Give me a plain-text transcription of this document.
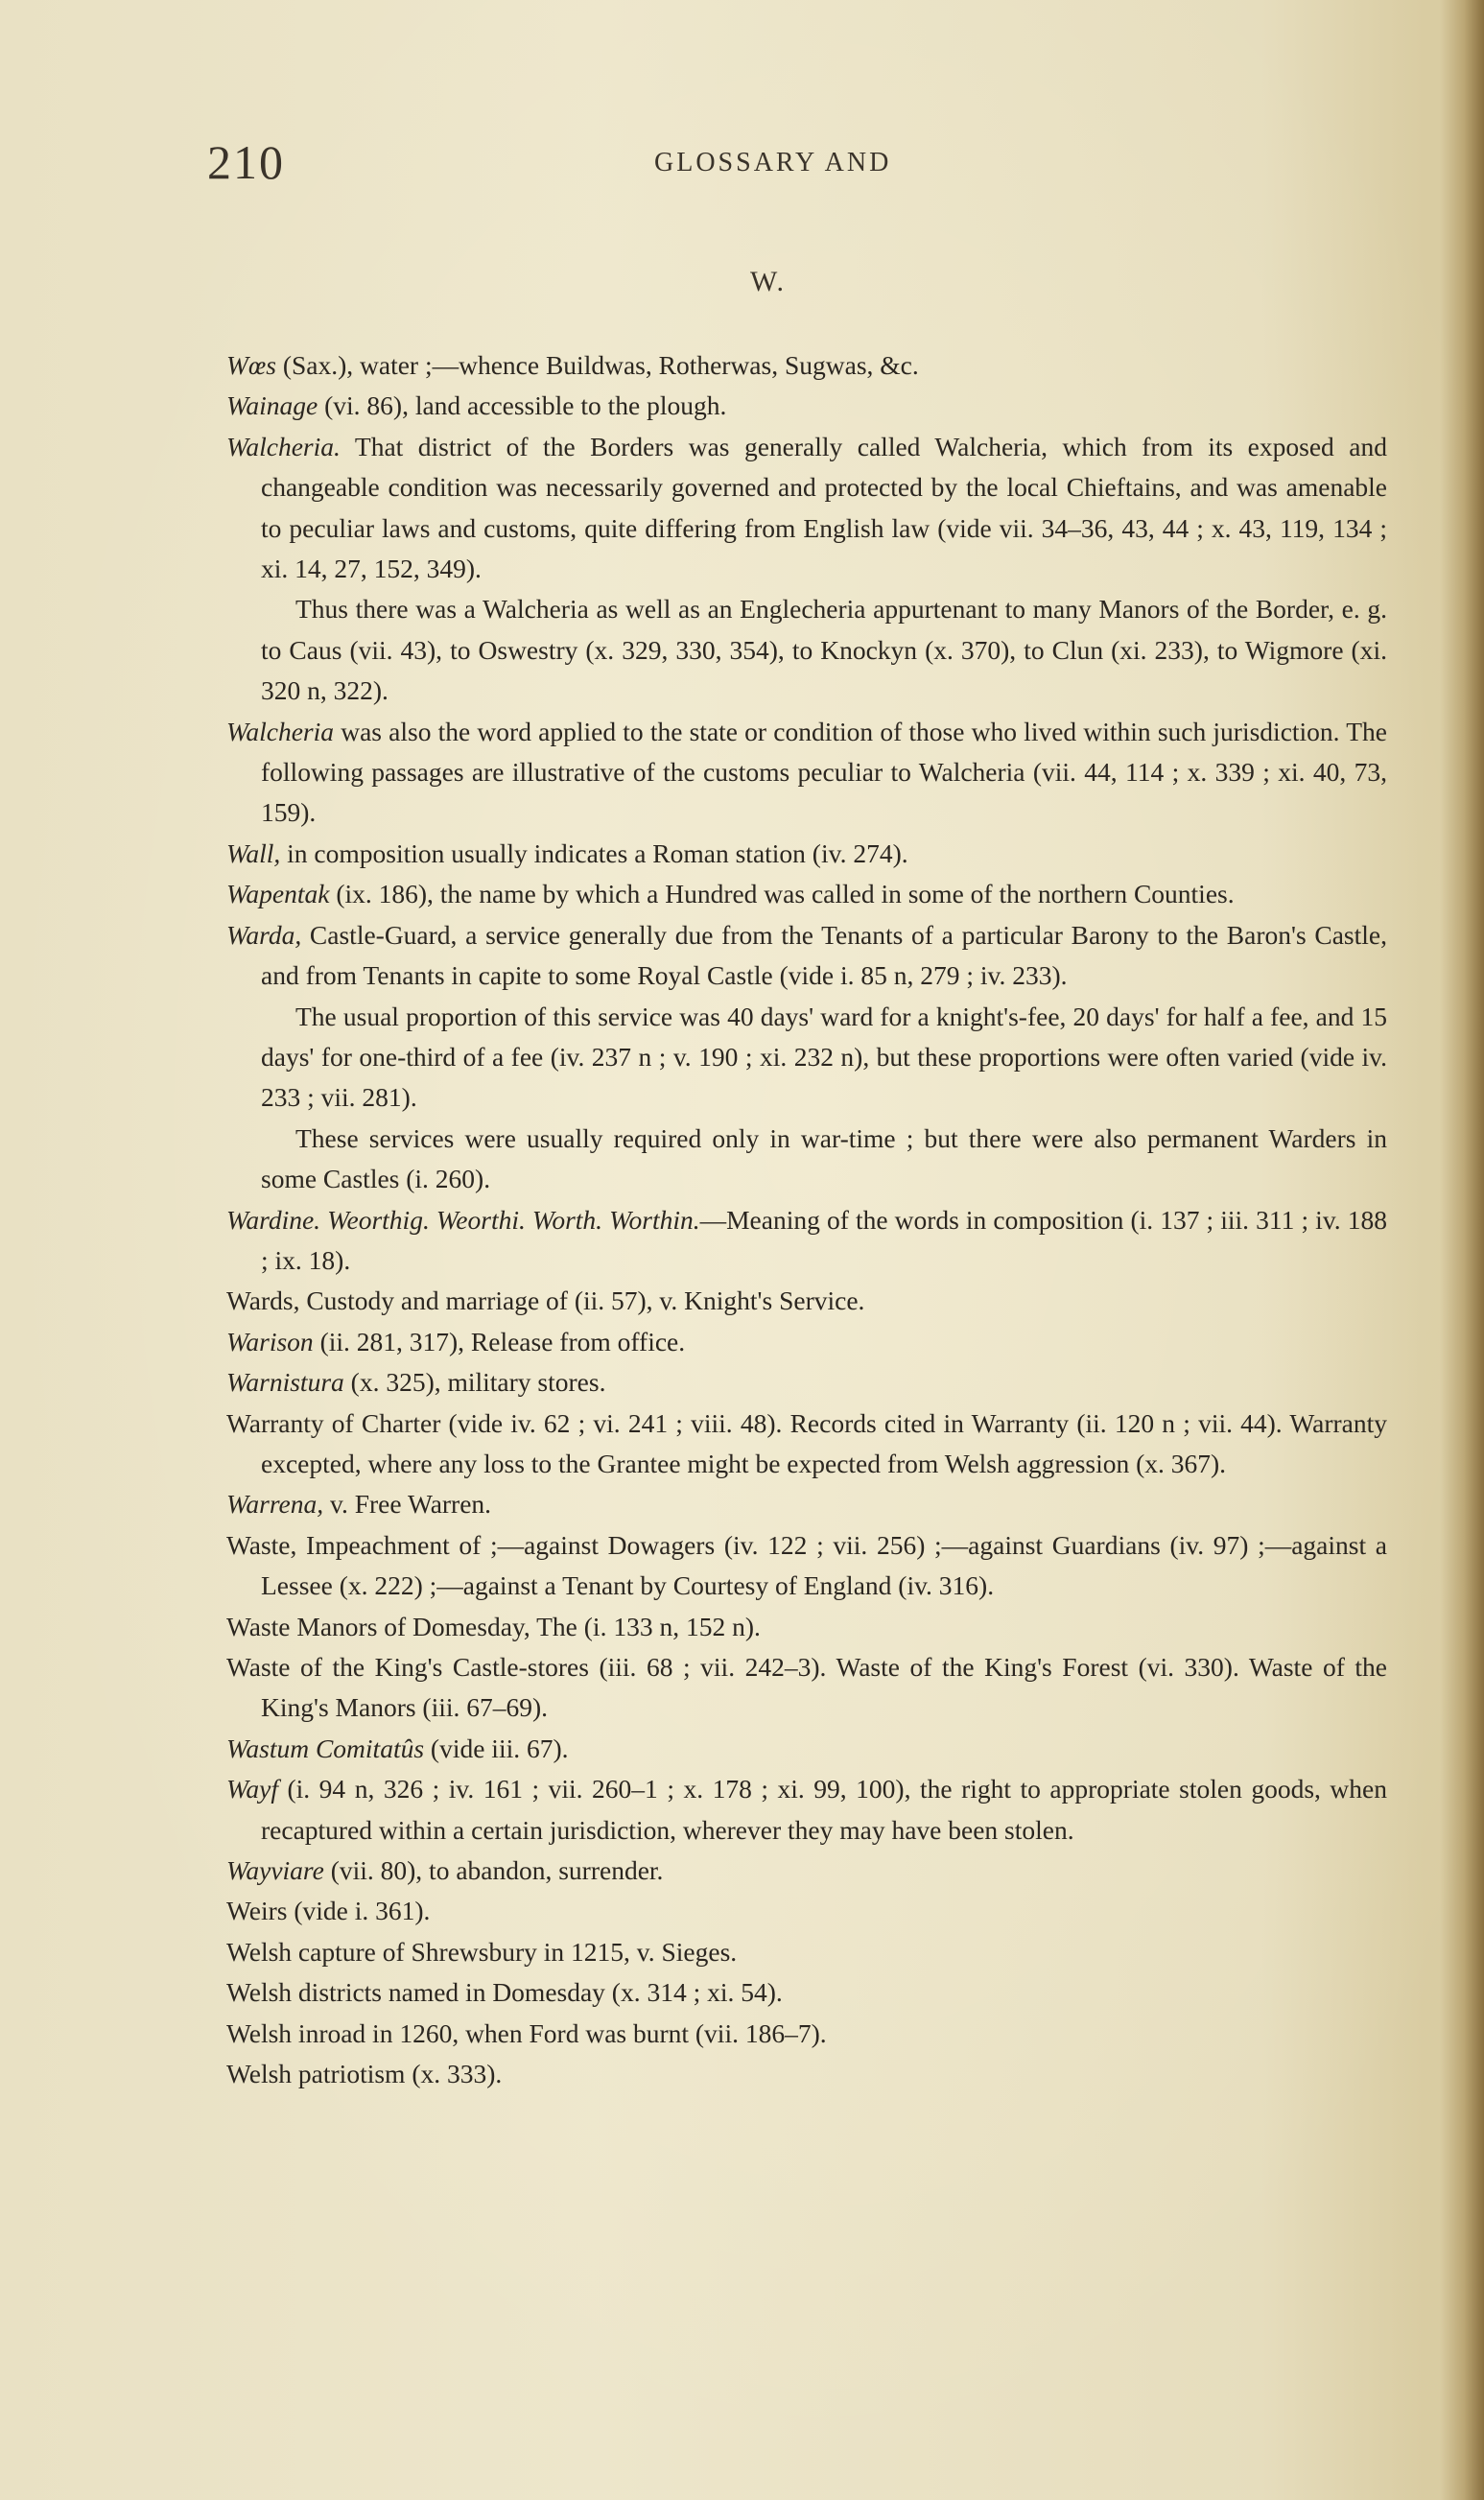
210	GLOSSARY AND
W.

Wœs (Sax.), water ;—whence Buildwas, Rotherwas, Sugwas, &c.

Wainage (vi. 86), land accessible to the plough.

Walcheria. That district of the Borders was generally called Walcheria, which from its exposed and changeable condition was necessarily governed and protected by the local Chieftains, and was amenable to peculiar laws and customs, quite differing from English law (vide vii. 34–36, 43, 44 ; x. 43, 119, 134 ; xi. 14, 27, 152, 349).

Thus there was a Walcheria as well as an Englecheria appurtenant to many Manors of the Border, e. g. to Caus (vii. 43), to Oswestry (x. 329, 330, 354), to Knockyn (x. 370), to Clun (xi. 233), to Wigmore (xi. 320 n, 322).

Walcheria was also the word applied to the state or condition of those who lived within such jurisdiction. The following passages are illustrative of the customs peculiar to Walcheria (vii. 44, 114 ; x. 339 ; xi. 40, 73, 159).

Wall, in composition usually indicates a Roman station (iv. 274).

Wapentak (ix. 186), the name by which a Hundred was called in some of the northern Counties.

Warda, Castle-Guard, a service generally due from the Tenants of a particular Barony to the Baron's Castle, and from Tenants in capite to some Royal Castle (vide i. 85 n, 279 ; iv. 233).

The usual proportion of this service was 40 days' ward for a knight's-fee, 20 days' for half a fee, and 15 days' for one-third of a fee (iv. 237 n ; v. 190 ; xi. 232 n), but these proportions were often varied (vide iv. 233 ; vii. 281).

These services were usually required only in war-time ; but there were also permanent Warders in some Castles (i. 260).

Wardine. Weorthig. Weorthi. Worth. Worthin.—Meaning of the words in composition (i. 137 ; iii. 311 ; iv. 188 ; ix. 18).

Wards, Custody and marriage of (ii. 57), v. Knight's Service.

Warison (ii. 281, 317), Release from office.

Warnistura (x. 325), military stores.

Warranty of Charter (vide iv. 62 ; vi. 241 ; viii. 48). Records cited in Warranty (ii. 120 n ; vii. 44). Warranty excepted, where any loss to the Grantee might be expected from Welsh aggression (x. 367).

Warrena, v. Free Warren.

Waste, Impeachment of ;—against Dowagers (iv. 122 ; vii. 256) ;—against Guardians (iv. 97) ;—against a Lessee (x. 222) ;—against a Tenant by Courtesy of England (iv. 316).

Waste Manors of Domesday, The (i. 133 n, 152 n).

Waste of the King's Castle-stores (iii. 68 ; vii. 242–3). Waste of the King's Forest (vi. 330). Waste of the King's Manors (iii. 67–69).

Wastum Comitatûs (vide iii. 67).

Wayf (i. 94 n, 326 ; iv. 161 ; vii. 260–1 ; x. 178 ; xi. 99, 100), the right to appropriate stolen goods, when recaptured within a certain jurisdiction, wherever they may have been stolen.

Wayviare (vii. 80), to abandon, surrender.

Weirs (vide i. 361).

Welsh capture of Shrewsbury in 1215, v. Sieges.

Welsh districts named in Domesday (x. 314 ; xi. 54).

Welsh inroad in 1260, when Ford was burnt (vii. 186–7).

Welsh patriotism (x. 333).
